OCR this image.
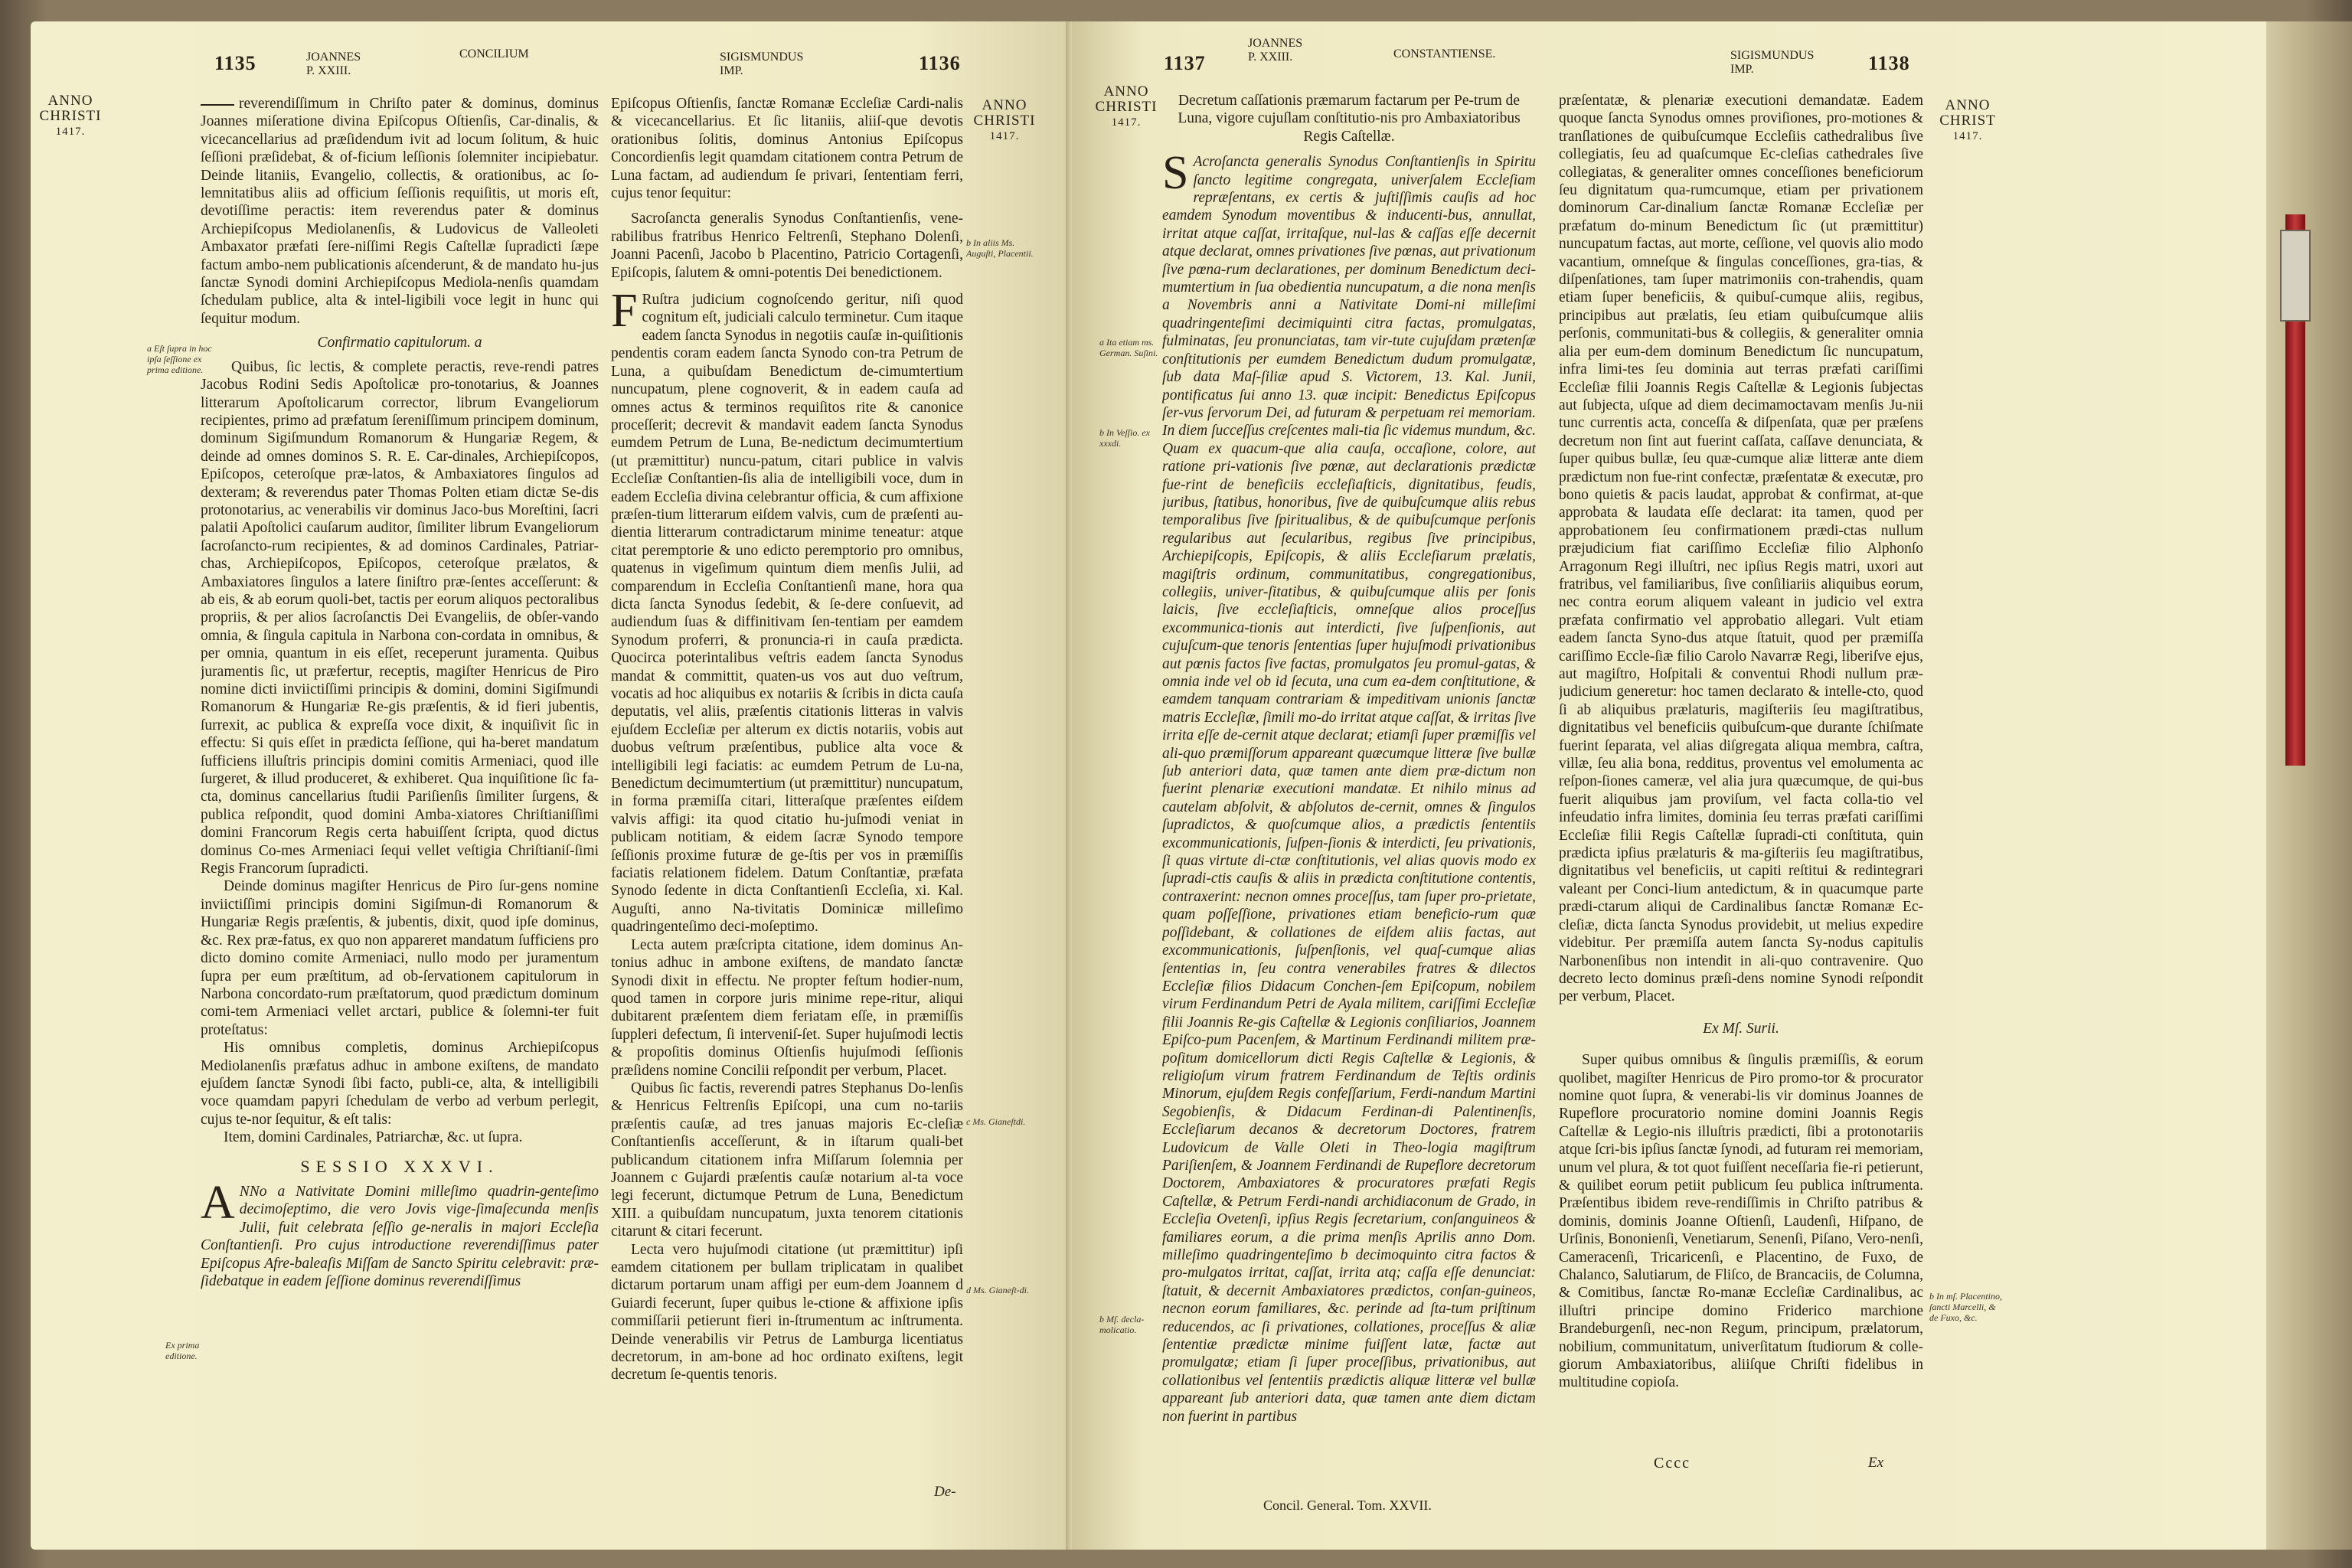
1135	JOANNES
P. XXIII.
CONCILIUM	SIGISMUNDUS
IMP.	1136
ANNO
CHRISTI
1417.
ANNO
CHRISTI
1417.
a Eſt ſupra in hoc ipſa ſeſſione ex prima editione.
b In aliis Ms. Auguſti, Placentii.
c Ms. Gianeſtdi.
d Ms. Gianeſt-di.
Ex prima editione.

reverendiſſimum in Chriſto pater & dominus, dominus Joannes miſeratione divina Epiſcopus Oſtienſis, Car-dinalis, & vicecancellarius ad præſidendum ivit ad locum ſolitum, & huic ſeſſioni præſidebat, & of-ficium leſſionis ſolemniter incipiebatur. Deinde litaniis, Evangelio, collectis, & orationibus, ac ſo-lemnitatibus aliis ad officium ſeſſionis requiſitis, ut moris eſt, devotiſſime peractis: item reverendus pater & dominus Archiepiſcopus Mediolanenſis, & Ludovicus de Valleoleti Ambaxator præfati ſere-niſſimi Regis Caſtellæ ſupradicti ſæpe factum ambo-nem publicationis aſcenderunt, & de mandato hu-jus ſanctæ Synodi domini Archiepiſcopus Mediola-nenſis quamdam ſchedulam publice, alta & intel-ligibili voce legit in hunc qui ſequitur modum.

Confirmatio capitulorum. a

Quibus, ſic lectis, & complete peractis, reve-rendi patres Jacobus Rodini Sedis Apoſtolicæ pro-tonotarius, & Joannes litterarum Apoſtolicarum corrector, librum Evangeliorum recipientes, primo ad præfatum ſereniſſimum principem dominum, dominum Sigiſmundum Romanorum & Hungariæ Regem, & deinde ad omnes dominos S. R. E. Car-dinales, Archiepiſcopos, Epiſcopos, ceteroſque præ-latos, & Ambaxiatores ſingulos ad dexteram; & reverendus pater Thomas Polten etiam dictæ Se-dis protonotarius, ac venerabilis vir dominus Jaco-bus Moreſtini, ſacri palatii Apoſtolici cauſarum auditor, ſimiliter librum Evangeliorum ſacroſancto-rum recipientes, & ad dominos Cardinales, Patriar-chas, Archiepiſcopos, Epiſcopos, ceteroſque prælatos, & Ambaxiatores ſingulos a latere ſiniſtro præ-ſentes acceſſerunt: & ab eis, & ab eorum quoli-bet, tactis per eorum aliquos pectoralibus propriis, & per alios ſacroſanctis Dei Evangeliis, de obſer-vando omnia, & ſingula capitula in Narbona con-cordata in omnibus, & per omnia, quantum in eis eſſet, receperunt juramenta. Quibus juramentis ſic, ut præfertur, receptis, magiſter Henricus de Piro nomine dicti inviictiſſimi principis & domini, domini Sigiſmundi Romanorum & Hungariæ Re-gis præſentis, & id fieri jubentis, ſurrexit, ac publica & expreſſa voce dixit, & inquiſivit ſic in effectu: Si quis eſſet in prædicta ſeſſione, qui ha-beret mandatum ſufficiens illuſtris principis domini comitis Armeniaci, quod ille ſurgeret, & illud produceret, & exhiberet. Qua inquiſitione ſic fa-cta, dominus cancellarius ſtudii Pariſienſis ſimiliter ſurgens, & publica reſpondit, quod domini Amba-xiatores Chriſtianiſſimi domini Francorum Regis certa habuiſſent ſcripta, quod dictus dominus Co-mes Armeniaci ſequi vellet veſtigia Chriſtianiſ-ſimi Regis Francorum ſupradicti.

Deinde dominus magiſter Henricus de Piro ſur-gens nomine inviictiſſimi principis domini Sigiſmun-di Romanorum & Hungariæ Regis præſentis, & jubentis, dixit, quod ipſe dominus, &c. Rex præ-fatus, ex quo non appareret mandatum ſufficiens pro dicto domino comite Armeniaci, nullo modo per juramentum ſupra per eum præſtitum, ad ob-ſervationem capitulorum in Narbona concordato-rum præſtatorum, quod prædictum dominum comi-tem Armeniaci vellet arctari, publice & ſolemni-ter fuit proteſtatus:

His omnibus completis, dominus Archiepiſcopus Mediolanenſis præfatus adhuc in ambone exiſtens, de mandato ejuſdem ſanctæ Synodi ſibi facto, publi-ce, alta, & intelligibili voce quamdam papyri ſchedulam de verbo ad verbum perlegit, cujus te-nor ſequitur, & eſt talis:

Item, domini Cardinales, Patriarchæ, &c. ut ſupra.

SESSIO XXXVI.

A NNo a Nativitate Domini milleſimo quadrin-genteſimo decimoſeptimo, die vero Jovis vige-ſimaſecunda menſis Julii, fuit celebrata ſeſſio ge-neralis in majori Eccleſia Conſtantienſi. Pro cujus introductione reverendiſſimus pater Epiſcopus Afre-baleaſis Miſſam de Sancto Spiritu celebravit: præ-ſidebatque in eadem ſeſſione dominus reverendiſſimus

Epiſcopus Oſtienſis, ſanctæ Romanæ Eccleſiæ Cardi-nalis & vicecancellarius. Et ſic litaniis, aliiſ-que devotis orationibus ſolitis, dominus Antonius Epiſcopus Concordienſis legit quamdam citationem contra Petrum de Luna factam, ad audiendum ſe privari, ſententiam ferri, cujus tenor ſequitur:

Sacroſancta generalis Synodus Conſtantienſis, vene-rabilibus fratribus Henrico Feltrenſi, Stephano Dolenſi, Joanni Pacenſi, Jacobo b Placentino, Patricio Cortagenſi, Epiſcopis, ſalutem & omni-potentis Dei benedictionem.

F Ruſtra judicium cognoſcendo geritur, niſi quod cognitum eſt, judiciali calculo terminetur. Cum itaque eadem ſancta Synodus in negotiis cauſæ in-quiſitionis pendentis coram eadem ſancta Synodo con-tra Petrum de Luna, a quibuſdam Benedictum de-cimumtertium nuncupatum, plene cognoverit, & in eadem cauſa ad omnes actus & terminos requiſitos rite & canonice proceſſerit; decrevit & mandavit eadem ſancta Synodus eumdem Petrum de Luna, Be-nedictum decimumtertium (ut præmittitur) nuncu-patum, citari publice in valvis Eccleſiæ Conſtantien-ſis alia de intelligibili voce, dum in eadem Eccleſia divina celebrantur officia, & cum affixione præſen-tium litterarum eiſdem valvis, cum de præſenti au-dientia litterarum contradictarum minime teneatur: atque citat peremptorie & uno edicto peremptorio pro omnibus, quatenus in vigeſimum quintum diem menſis Julii, ad comparendum in Eccleſia Conſtantienſi mane, hora qua dicta ſancta Synodus ſedebit, & ſe-dere conſuevit, ad audiendum ſuas & diffinitivam ſen-tentiam per eamdem Synodum proferri, & pronuncia-ri in cauſa prædicta. Quocirca poterintalibus veſtris eadem ſancta Synodus mandat & committit, quaten-us vos aut duo veſtrum, vocatis ad hoc aliquibus ex notariis & ſcribis in dicta cauſa deputatis, vel aliis, præſentis citationis litteras in valvis ejuſdem Eccleſiæ per alterum ex dictis notariis, vobis aut duobus veſtrum præſentibus, publice alta voce & intelligibili legi faciatis: ac eumdem Petrum de Lu-na, Benedictum decimumtertium (ut præmittitur) nuncupatum, in forma præmiſſa citari, litteraſque præſentes eiſdem valvis affigi: ita quod citatio hu-juſmodi veniat in publicam notitiam, & eidem ſacræ Synodo tempore ſeſſionis proxime futuræ de ge-ſtis per vos in præmiſſis faciatis relationem fidelem. Datum Conſtantiæ, præfata Synodo ſedente in dicta Conſtantienſi Eccleſia, xi. Kal. Auguſti, anno Na-tivitatis Dominicæ milleſimo quadringenteſimo deci-moſeptimo.

Lecta autem præſcripta citatione, idem dominus An-tonius adhuc in ambone exiſtens, de mandato ſanctæ Synodi dixit in effectu. Ne propter feſtum hodier-num, quod tamen in corpore juris minime repe-ritur, aliqui dubitarent præſentem diem feriatam eſſe, in præmiſſis ſuppleri defectum, ſi interveniſ-ſet. Super hujuſmodi lectis & propoſitis dominus Oſtienſis hujuſmodi ſeſſionis præſidens nomine Concilii reſpondit per verbum, Placet.

Quibus ſic factis, reverendi patres Stephanus Do-lenſis & Henricus Feltrenſis Epiſcopi, una cum no-tariis præſentis cauſæ, ad tres januas majoris Ec-cleſiæ Conſtantienſis acceſſerunt, & in iſtarum quali-bet publicandum citationem infra Miſſarum ſolemnia per Joannem c Gujardi præſentis cauſæ notarium al-ta voce legi fecerunt, dictumque Petrum de Luna, Benedictum XIII. a quibuſdam nuncupatum, juxta tenorem citationis citarunt & citari fecerunt.

Lecta vero hujuſmodi citatione (ut præmittitur) ipſi eamdem citationem per bullam triplicatam in qualibet dictarum portarum unam affigi per eum-dem Joannem d Guiardi fecerunt, ſuper quibus le-ctione & affixione ipſis commiſſarii petierunt fieri in-ſtrumentum ac inſtrumenta. Deinde venerabilis vir Petrus de Lamburga licentiatus decretorum, in am-bone ad hoc ordinato exiſtens, legit decretum ſe-quentis tenoris.

De-
1137
JOANNES
P. XXIII.	CONSTANTIENSE.	SIGISMUNDUS
IMP.	1138
ANNO
CHRISTI
1417.
ANNO
CHRIST
1417.
a Ita etiam ms. German. Suſini.
b In Veſſio. ex xxxdi.
b Mſ. decla-molicatio.
b In mſ. Placentino, ſancti Marcelli, & de Fuxo, &c.

Decretum caſſationis præmarum factarum per Pe-trum de Luna, vigore cujuſlam conſtitutio-nis pro Ambaxiatoribus Regis Caſtellæ.

S Acroſancta generalis Synodus Conſtantienſis in Spiritu ſancto legitime congregata, univerſalem Eccleſiam repræſentans, ex certis & juſtiſſimis cauſis ad hoc eamdem Synodum moventibus & inducenti-bus, annullat, irritat atque caſſat, irritaſque, nul-las & caſſas eſſe decernit atque declarat, omnes privationes ſive pœnas, aut privationum ſive pœna-rum declarationes, per dominum Benedictum deci-mumtertium in ſua obedientia nuncupatum, a die nona menſis a Novembris anni a Nativitate Domi-ni milleſimi quadringenteſimi decimiquinti citra factas, promulgatas, fulminatas, ſeu pronunciatas, tam vir-tute cujuſdam prætenſæ conſtitutionis per eumdem Benedictum dudum promulgatæ, ſub data Maſ-ſiliæ apud S. Victorem, 13. Kal. Junii, pontificatus ſui anno 13. quæ incipit: Benedictus Epiſcopus ſer-vus ſervorum Dei, ad futuram & perpetuam rei memoriam. In diem ſucceſſus creſcentes mali-tia ſic videmus mundum, &c. Quam ex quacum-que alia cauſa, occaſione, colore, aut ratione pri-vationis ſive pœnæ, aut declarationis prædictæ fue-rint de beneficiis eccleſiaſticis, dignitatibus, feudis, juribus, ſtatibus, honoribus, ſive de quibuſcumque aliis rebus temporalibus ſive ſpiritualibus, & de quibuſcumque perſonis regularibus aut ſecularibus, regibus ſive principibus, Archiepiſcopis, Epiſcopis, & aliis Eccleſiarum prælatis, magiſtris ordinum, communitatibus, congregationibus, collegiis, univer-ſitatibus, & quibuſcumque aliis per ſonis laicis, ſive eccleſiaſticis, omneſque alios proceſſus excommunica-tionis aut interdicti, ſive ſuſpenſionis, aut cujuſcum-que tenoris ſententias ſuper hujuſmodi privationibus aut pœnis factos ſive factas, promulgatos ſeu promul-gatas, & omnia inde vel ob id ſecuta, una cum ea-dem conſtitutione, & eamdem tanquam contrariam & impeditivam unionis ſanctæ matris Eccleſiæ, ſimili mo-do irritat atque caſſat, & irritas ſive irrita eſſe de-cernit atque declarat; etiamſi ſuper præmiſſis vel ali-quo præmiſſorum appareant quæcumque litteræ ſive bullæ ſub anteriori data, quæ tamen ante diem præ-dictum non fuerint plenariæ executioni mandatæ. Et nihilo minus ad cautelam abſolvit, & abſolutos de-cernit, omnes & ſingulos ſupradictos, & quoſcumque alios, a prædictis ſententiis excommunicationis, ſuſpen-ſionis & interdicti, ſeu privationis, ſi quas virtute di-ctæ conſtitutionis, vel alias quovis modo ex ſupradi-ctis cauſis & aliis in prædicta conſtitutione contentis, contraxerint: necnon omnes proceſſus, tam ſuper pro-prietate, quam poſſeſſione, privationes etiam beneficio-rum quæ poſſidebant, & collationes de eiſdem aliis factas, aut excommunicationis, ſuſpenſionis, vel quaſ-cumque alias ſententias in, ſeu contra venerabiles fratres & dilectos Eccleſiæ filios Didacum Conchen-ſem Epiſcopum, nobilem virum Ferdinandum Petri de Ayala militem, cariſſimi Eccleſiæ filii Joannis Re-gis Caſtellæ & Legionis conſiliarios, Joannem Epiſco-pum Pacenſem, & Martinum Ferdinandi militem præ-poſitum domicellorum dicti Regis Caſtellæ & Legionis, & religioſum virum fratrem Ferdinandum de Teſtis ordinis Minorum, ejuſdem Regis confeſſarium, Ferdi-nandum Martini Segobienſis, & Didacum Ferdinan-di Palentinenſis, Eccleſiarum decanos & decretorum Doctores, fratrem Ludovicum de Valle Oleti in Theo-logia magiſtrum Pariſienſem, & Joannem Ferdinandi de Rupeflore decretorum Doctorem, Ambaxiatores & procuratores præfati Regis Caſtellæ, & Petrum Ferdi-nandi archidiaconum de Grado, in Eccleſia Ovetenſi, ipſius Regis ſecretarium, conſanguineos & familiares eorum, a die prima menſis Aprilis anno Dom. milleſimo quadringenteſimo b decimoquinto citra factos & pro-mulgatos irritat, caſſat, irrita atq; caſſa eſſe denunciat: ſtatuit, & decernit Ambaxiatores prædictos, conſan-guineos, necnon eorum familiares, &c. perinde ad ſta-tum priſtinum reducendos, ac ſi privationes, collationes, proceſſus & aliæ ſententiæ prædictæ minime fuiſſent latæ, factæ aut promulgatæ; etiam ſi ſuper proceſſibus, privationibus, aut collationibus vel ſententiis prædictis aliquæ litteræ vel bullæ appareant ſub anteriori data, quæ tamen ante diem dictam non fuerint in partibus

præſentatæ, & plenariæ executioni demandatæ. Eadem quoque ſancta Synodus omnes proviſiones, pro-motiones & tranſlationes de quibuſcumque Eccleſiis cathedralibus ſive collegiatis, ſeu ad quaſcumque Ec-cleſias cathedrales ſive collegiatas, & generaliter omnes conceſſiones beneficiorum ſeu dignitatum qua-rumcumque, etiam per privationem dominorum Car-dinalium ſanctæ Romanæ Eccleſiæ per præfatum do-minum Benedictum ſic (ut præmittitur) nuncupatum factas, aut morte, ceſſione, vel quovis alio modo vacantium, omneſque & ſingulas conceſſiones, gra-tias, & diſpenſationes, tam ſuper matrimoniis con-trahendis, quam etiam ſuper beneficiis, & quibuſ-cumque aliis, regibus, principibus aut prælatis, ſeu etiam quibuſcumque aliis perſonis, communitati-bus & collegiis, & generaliter omnia alia per eum-dem dominum Benedictum ſic nuncupatum, infra limi-tes ſeu dominia aut terras præfati cariſſimi Eccleſiæ filii Joannis Regis Caſtellæ & Legionis ſubjectas aut ſubjecta, uſque ad diem decimamoctavam menſis Ju-nii tunc currentis acta, conceſſa & diſpenſata, quæ per præſens decretum non ſint aut fuerint caſſata, caſſave denunciata, & ſuper quibus bullæ, ſeu quæ-cumque aliæ litteræ ante diem prædictum non fue-rint confectæ, præſentatæ & executæ, pro bono quietis & pacis laudat, approbat & confirmat, at-que approbata & laudata eſſe declarat: ita tamen, quod per approbationem ſeu confirmationem prædi-ctas nullum præjudicium fiat cariſſimo Eccleſiæ filio Alphonſo Arragonum Regi illuſtri, nec ipſius Regis matri, uxori aut fratribus, vel familiaribus, ſive conſiliariis aliquibus eorum, nec contra eorum aliquem valeant in judicio vel extra præfata confirmatio vel approbatio allegari. Vult etiam eadem ſancta Syno-dus atque ſtatuit, quod per præmiſſa cariſſimo Eccle-ſiæ filio Carolo Navarræ Regi, liberiſve ejus, aut magiſtro, Hoſpitali & conventui Rhodi nullum præ-judicium generetur: hoc tamen declarato & intelle-cto, quod ſi ab aliquibus prælaturis, magiſteriis ſeu magiſtratibus, dignitatibus vel beneficiis quibuſcum-que durante ſchiſmate fuerint ſeparata, vel alias diſgregata aliqua membra, caſtra, villæ, ſeu alia bona, redditus, proventus vel emolumenta ac reſpon-ſiones cameræ, vel alia jura quæcumque, de qui-bus fuerit aliquibus jam proviſum, vel facta colla-tio vel infeudatio infra limites, dominia ſeu terras præfati cariſſimi Eccleſiæ filii Regis Caſtellæ ſupradi-cti conſtituta, quin prædicta ipſius prælaturis & ma-giſteriis ſeu magiſtratibus, dignitatibus vel beneficiis, ut capiti reſtitui & redintegrari valeant per Conci-lium antedictum, & in quacumque parte prædi-ctarum aliqui de Cardinalibus ſanctæ Romanæ Ec-cleſiæ, dicta ſancta Synodus providebit, ut melius expedire videbitur. Per præmiſſa autem ſancta Sy-nodus capitulis Narbonenſibus non intendit in ali-quo contravenire. Quo decreto lecto dominus præſi-dens nomine Synodi reſpondit per verbum, Placet.

Ex Mſ. Surii.

Super quibus omnibus & ſingulis præmiſſis, & eorum quolibet, magiſter Henricus de Piro promo-tor & procurator nomine quot ſupra, & venerabi-lis vir dominus Joannes de Rupeflore procuratorio nomine domini Joannis Regis Caſtellæ & Legio-nis illuſtris prædicti, ſibi a protonotariis atque ſcri-bis ipſius ſanctæ ſynodi, ad futuram rei memoriam, unum vel plura, & tot quot fuiſſent neceſſaria fie-ri petierunt, & quilibet eorum petiit publicum ſeu publica inſtrumenta. Præſentibus ibidem reve-rendiſſimis in Chriſto patribus & dominis, dominis Joanne Oſtienſi, Laudenſi, Hiſpano, de Urſinis, Bononienſi, Venetiarum, Senenſi, Piſano, Vero-nenſi, Cameracenſi, Tricaricenſi, e Placentino, de Fuxo, de Chalanco, Salutiarum, de Fliſco, de Brancaciis, de Columna, & Comitibus, ſanctæ Ro-manæ Eccleſiæ Cardinalibus, ac illuſtri principe domino Friderico marchione Brandeburgenſi, nec-non Regum, principum, prælatorum, nobilium, communitatum, univerſitatum ſtudiorum & colle-giorum Ambaxiatoribus, aliiſque Chriſti fidelibus in multitudine copioſa.

Concil. General. Tom. XXVII.
Cccc	Ex
